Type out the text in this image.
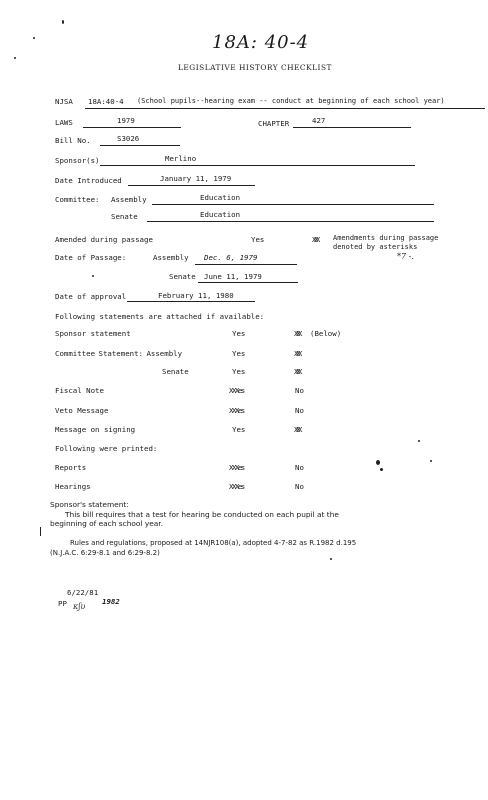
18A: 40-4
LEGISLATIVE HISTORY CHECKLIST
NJSA 18A:40-4 (School pupils--hearing exam -- conduct at beginning of each school year)
LAWS	1979	CHAPTER	427
Bill No.	S3026
Sponsor(s)	Merlino
Date Introduced	January 11, 1979
Committee: Assembly	Education
Senate	Education
Amended during passage	Yes	XXX Amendments during passage
denoted by asterisks
*7 -.
Date of Passage:	Assembly Dec. 6, 1979
Senate June 11, 1979
Date of approval	February 11, 1980
Following statements are attached if available:
Sponsor statement	Yes	XXX (Below)
Committee Statement: Assembly	Yes	XXX
Senate	Yes	XXX
Fiscal Note	XXXes	No
Veto Message	XXXes	No
Message on signing	Yes	XXX
Following were printed:
Reports	XXXes	No
Hearings	XXXes	No
Sponsor's statement:
This bill requires that a test for hearing be conducted on each pupil at the
beginning of each school year.
Rules and regulations, proposed at 14NJR108(a), adopted 4-7-82 as R.1982 d.195
(N.J.A.C. 6:29-8.1 and 6:29-8.2)
6/22/81
PP κʃυ
1982
